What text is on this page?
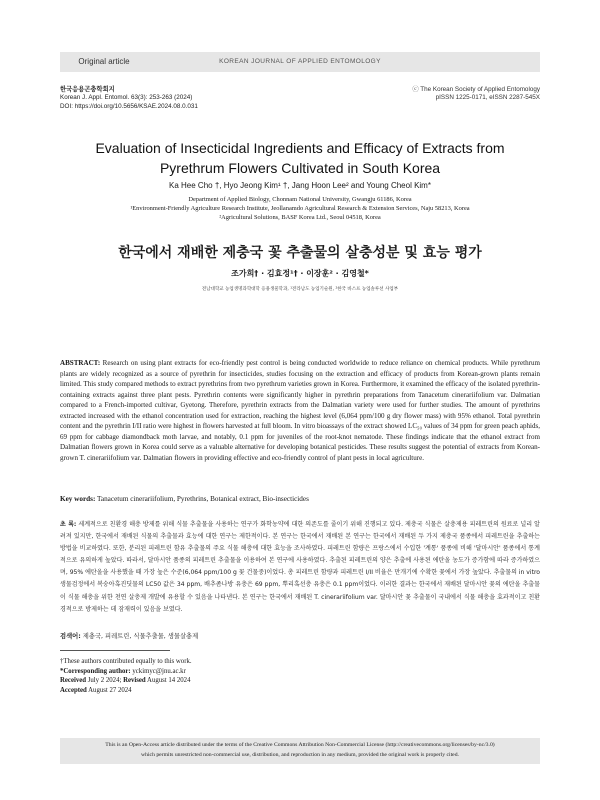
KOREAN JOURNAL OF APPLIED ENTOMOLOGY
Original article
한국응용곤충학회지
Korean J. Appl. Entomol. 63(3): 253-263 (2024)
DOI: https://doi.org/10.5656/KSAE.2024.08.0.031
ⓒ The Korean Society of Applied Entomology
pISSN 1225-0171, eISSN 2287-545X
Evaluation of Insecticidal Ingredients and Efficacy of Extracts from
Pyrethrum Flowers Cultivated in South Korea
Ka Hee Cho †, Hyo Jeong Kim¹ †, Jang Hoon Lee² and Young Cheol Kim*
Department of Applied Biology, Chonnam National University, Gwangju 61186, Korea
¹Environment-Friendly Agriculture Research Institute, Jeollanamdo Agricultural Research & Extension Services, Naju 58213, Korea
²Agricultural Solutions, BASF Korea Ltd., Seoul 04518, Korea
한국에서 재배한 제충국 꽃 추출물의 살충성분 및 효능 평가
조가희† · 김효정¹† · 이장훈² · 김영철*
전남대학교 농업생명과학대학 응용생물학과, ¹전라남도 농업기술원, ²한국 바스프 농업솔루션 사업부
ABSTRACT: Research on using plant extracts for eco-friendly pest control is being conducted worldwide to reduce reliance on chemical products. While pyrethrum plants are widely recognized as a source of pyrethrin for insecticides, studies focusing on the extraction and efficacy of products from Korean-grown plants remain limited. This study compared methods to extract pyrethrins from two pyrethrum varieties grown in Korea. Furthermore, it examined the efficacy of the isolated pyrethrin-containing extracts against three plant pests. Pyrethrin contents were significantly higher in pyrethrin preparations from Tanacetum cinerariifolium var. Dalmatian compared to a French-imported cultivar, Gyetong. Therefore, pyrethrin extracts from the Dalmatian variety were used for further studies. The amount of pyrethrins extracted increased with the ethanol concentration used for extraction, reaching the highest level (6,064 ppm/100 g dry flower mass) with 95% ethanol. Total pyrethrin content and the pyrethrin I/II ratio were highest in flowers harvested at full bloom. In vitro bioassays of the extract showed LC₅₀ values of 34 ppm for green peach aphids, 69 ppm for cabbage diamondback moth larvae, and notably, 0.1 ppm for juveniles of the root-knot nematode. These findings indicate that the ethanol extract from Dalmatian flowers grown in Korea could serve as a valuable alternative for developing botanical pesticides. These results suggest the potential of extracts from Korean-grown T. cinerariifolium var. Dalmatian flowers in providing effective and eco-friendly control of plant pests in local agriculture.
Key words: Tanacetum cinerariifolium, Pyrethrins, Botanical extract, Bio-insecticides
초 록: 세계적으로 친환경 해충 방제를 위해 식물 추출물을 사용하는 연구가 화학농약에 대한 의존도를 줄이기 위해 진행되고 있다. 제충국 식물은 살충제용 피레트린의 원료로 널리 알려져 있지만, 한국에서 재배된 식물의 추출물과 효능에 대한 연구는 제한적이다. 본 연구는 한국에서 재배된 본 연구는 한국에서 재배된 두 가지 제충국 품종에서 피레트린을 추출하는 방법을 비교하였다. 또한, 분리된 피레트린 함유 추출물의 주요 식물 해충에 대한 효능을 조사하였다. 피레트린 함량은 프랑스에서 수입한 '계통' 품종에 비해 '달마시안' 품종에서 통계적으로 유의하게 높았다. 따라서, 달마시안 품종의 피레트린 추출물을 이용하여 본 연구에 사용하였다. 추출된 피레트린의 양은 추출에 사용된 에탄올 농도가 증가함에 따라 증가하였으며, 95% 에탄올을 사용했을 때 가장 높은 수준(6,064 ppm/100 g 꽃 건물중)이었다. 총 피레트린 함량과 피레트린 I/II 비율은 만개기에 수확한 꽃에서 가장 높았다. 추출물의 in vitro 생물검정에서 복숭아혹진딧물의 LC50 값은 34 ppm, 배추좀나방 유충은 69 ppm, 뿌리혹선충 유충은 0.1 ppm이었다. 이러한 결과는 한국에서 재배된 달마시안 꽃의 에탄올 추출물이 식물 해충을 위한 천연 살충제 개발에 유용할 수 있음을 나타낸다. 본 연구는 한국에서 재배된 T. cinerariifolium var. 달마시안 꽃 추출물이 국내에서 식물 해충을 효과적이고 친환경적으로 방제하는 데 잠재력이 있음을 보였다.
검색어: 제충국, 피레트린, 식물추출물, 생물살충제
†These authors contributed equally to this work.
*Corresponding author: yckimyc@jnu.ac.kr
Received July 2 2024; Revised August 14 2024
Accepted August 27 2024
This is an Open-Access article distributed under the terms of the Creative Commons Attribution Non-Commercial License (http://creativecommons.org/licenses/by-nc/3.0)
which permits unrestricted non-commercial use, distribution, and reproduction in any medium, provided the original work is properly cited.
